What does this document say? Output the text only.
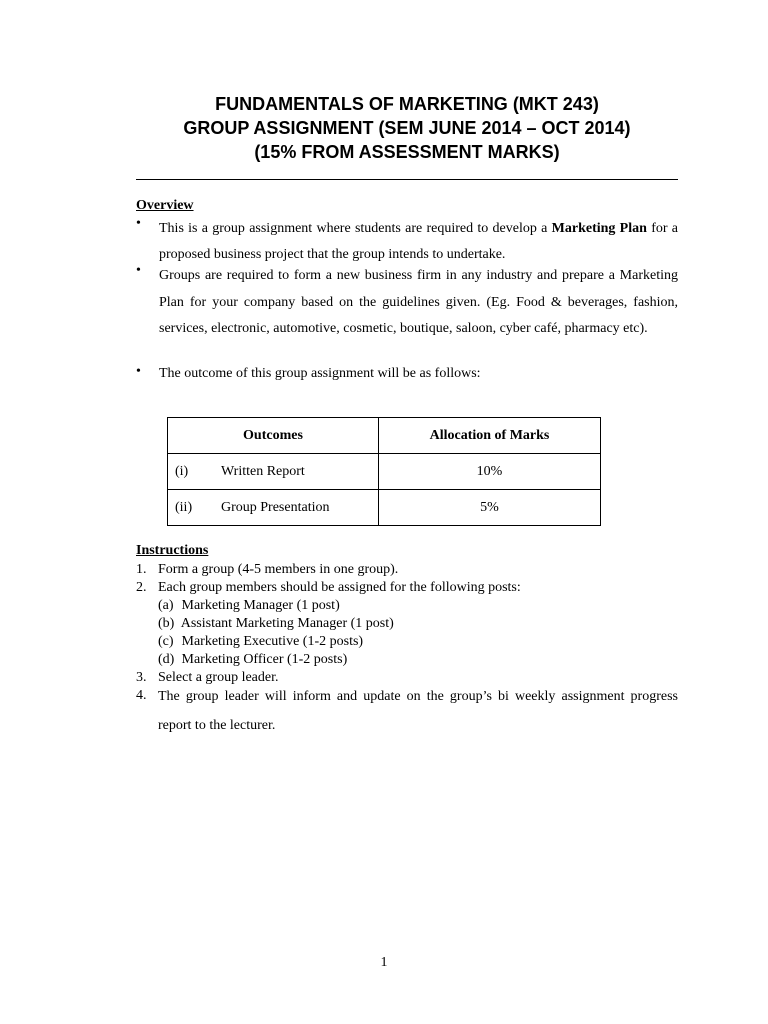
FUNDAMENTALS OF MARKETING (MKT 243)
GROUP ASSIGNMENT (SEM JUNE 2014 – OCT 2014)
(15% FROM ASSESSMENT MARKS)
Overview
•	This is a group assignment where students are required to develop a Marketing Plan for a proposed business project that the group intends to undertake.
•	Groups are required to form a new business firm in any industry and prepare a Marketing Plan for your company based on the guidelines given. (Eg. Food & beverages, fashion, services, electronic, automotive, cosmetic, boutique, saloon, cyber café, pharmacy etc).
•	The outcome of this group assignment will be as follows:
Outcomes	Allocation of Marks
(i) Written Report	10%
(ii) Group Presentation	5%
Instructions
1. Form a group (4-5 members in one group).
2. Each group members should be assigned for the following posts:
(a) Marketing Manager (1 post)
(b) Assistant Marketing Manager (1 post)
(c) Marketing Executive (1-2 posts)
(d) Marketing Officer (1-2 posts)
3. Select a group leader.
4. The group leader will inform and update on the group’s bi weekly assignment progress report to the lecturer.
1
